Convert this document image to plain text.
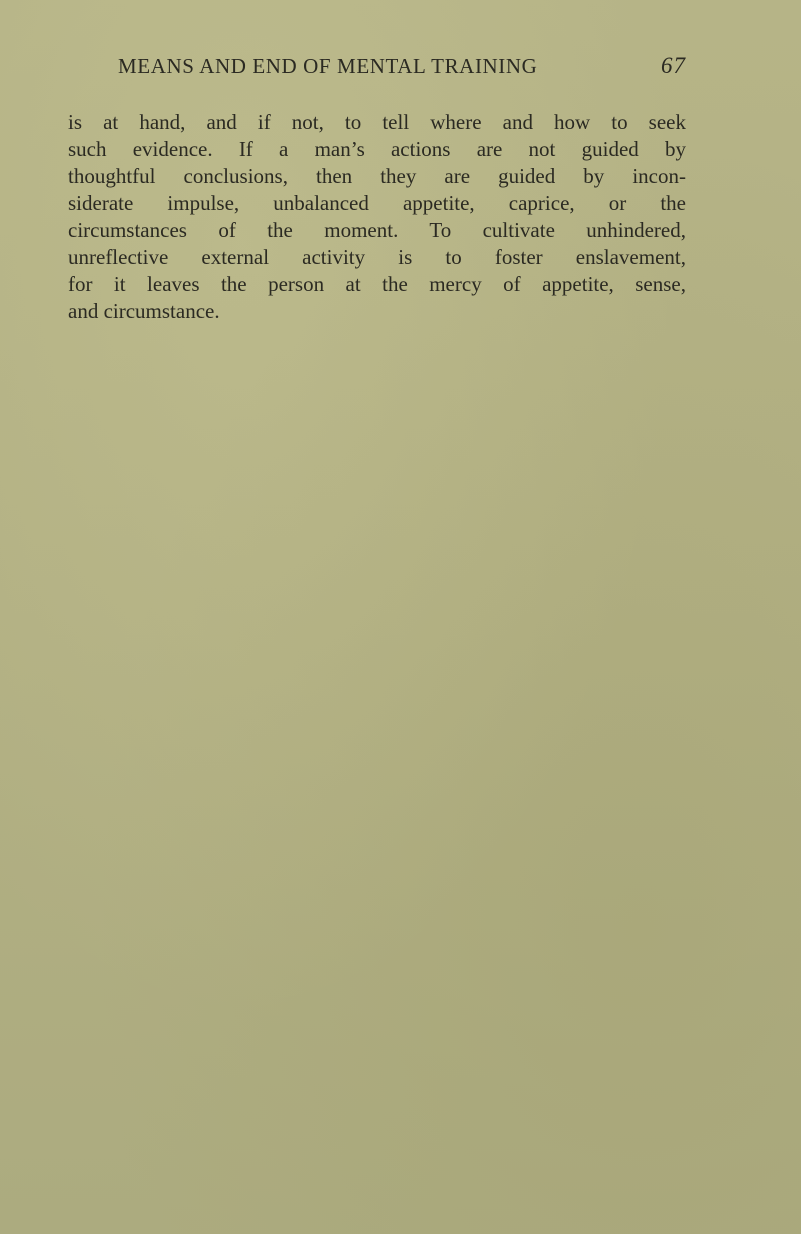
MEANS AND END OF MENTAL TRAINING	67
is at hand, and if not, to tell where and how to seek
such evidence. If a man’s actions are not guided by
thoughtful conclusions, then they are guided by incon-
siderate impulse, unbalanced appetite, caprice, or the
circumstances of the moment. To cultivate unhindered,
unreflective external activity is to foster enslavement,
for it leaves the person at the mercy of appetite, sense,
and circumstance.
